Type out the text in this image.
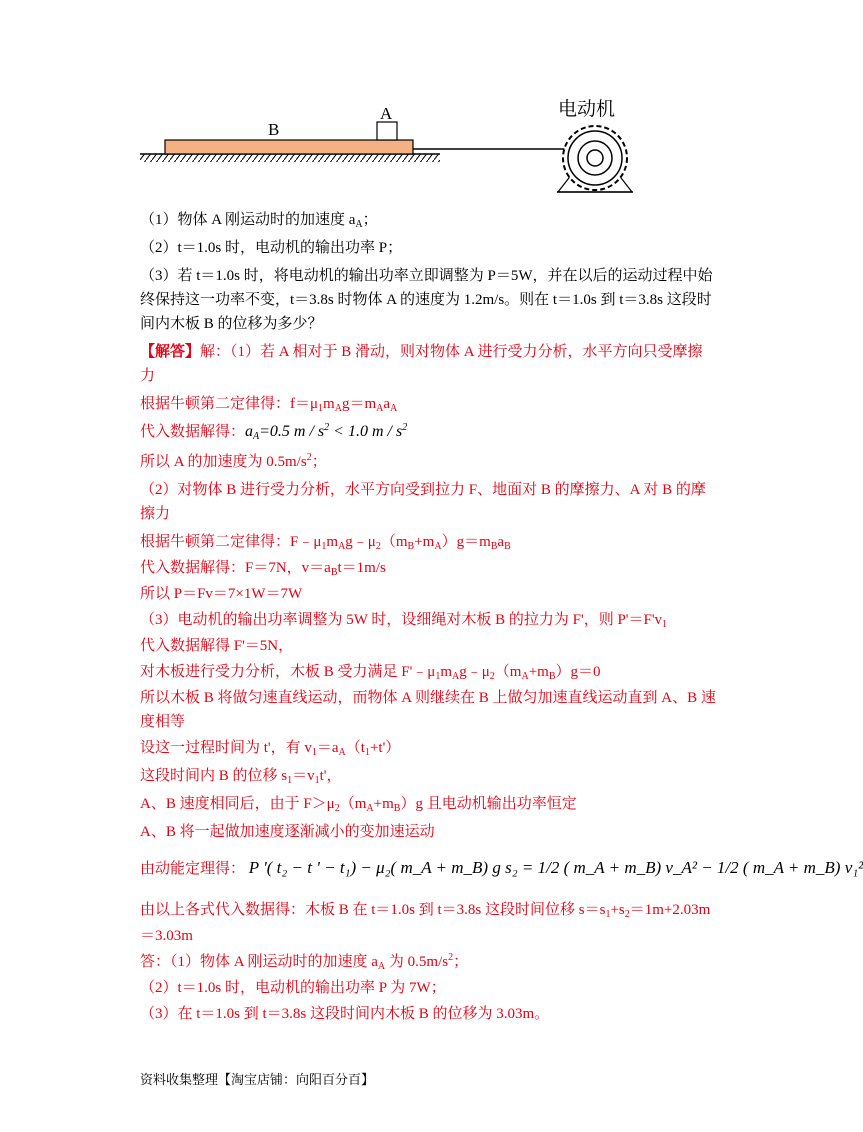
B
A	电动机
（1）物体 A 刚运动时的加速度 $a_A$；
（2）t＝1.0s 时，电动机的输出功率 P；
（3）若 t＝1.0s 时，将电动机的输出功率立即调整为 P＝5W，并在以后的运动过程中始
终保持这一功率不变，t＝3.8s 时物体 A 的速度为 1.2m/s。则在 t＝1.0s 到 t＝3.8s 这段时
间内木板 B 的位移为多少？
【解答】解：（1）若 A 相对于 B 滑动，则对物体 A 进行受力分析，水平方向只受摩擦
力
根据牛顿第二定律得：$f=\mu_1m_Ag=m_Aa_A$
代入数据解得：$a_A=0.5$ $m / s^2 < 1.0$ m / $s^2$
所以 A 的加速度为 $0.5m/s^2$；
（2）对物体 B 进行受力分析，水平方向受到拉力 F、地面对 B 的摩擦力、A 对 B 的摩
擦力
根据牛顿第二定律得：$F﹣\mu_1m_Ag﹣\mu_2(m_B+m_A)g=m_Ba_B$
代入数据解得：F＝7N，$v=a_Bt=1m/s$
所以 P＝Fv＝7×1W＝7W
（3）电动机的输出功率调整为 5W 时，设细绳对木板 B 的拉力为 F'，则 $P'=F'v_1$
代入数据解得 F'＝5N，
对木板进行受力分析，木板 B 受力满足 $F'﹣\mu_1m_Ag﹣\mu_2(m_A+m_B)g=0$
所以木板 B 将做匀速直线运动，而物体 A 则继续在 B 上做匀加速直线运动直到 A、B 速
度相等
设这一过程时间为 t'，有 $v_1=a_A(t_1+t')$
这段时间内 B 的位移 $s_1=v_1t'$，
A、B 速度相同后，由于 $F>\mu_2(m_A+m_B)g$ 且电动机输出功率恒定
A、B 将一起做加速度逐渐减小的变加速运动
由动能定理得： P '( t₂ − t ' − t₁) − μ₂( m_A + m_B) g s₂ = 1/2 ( m_A + m_B) v_A² − 1/2 ( m_A + m_B) v₁²
由以上各式代入数据得：木板 B 在 t＝1.0s 到 t＝3.8s 这段时间位移 $s=s_1+s_2=1m+2.03m$
＝3.03m
答：（1）物体 A 刚运动时的加速度 $a_A$ 为 $0.5m/s^2$；
（2）t＝1.0s 时，电动机的输出功率 P 为 7W；
（3）在 t＝1.0s 到 t＝3.8s 这段时间内木板 B 的位移为 3.03m。
资料收集整理【淘宝店铺：向阳百分百】
